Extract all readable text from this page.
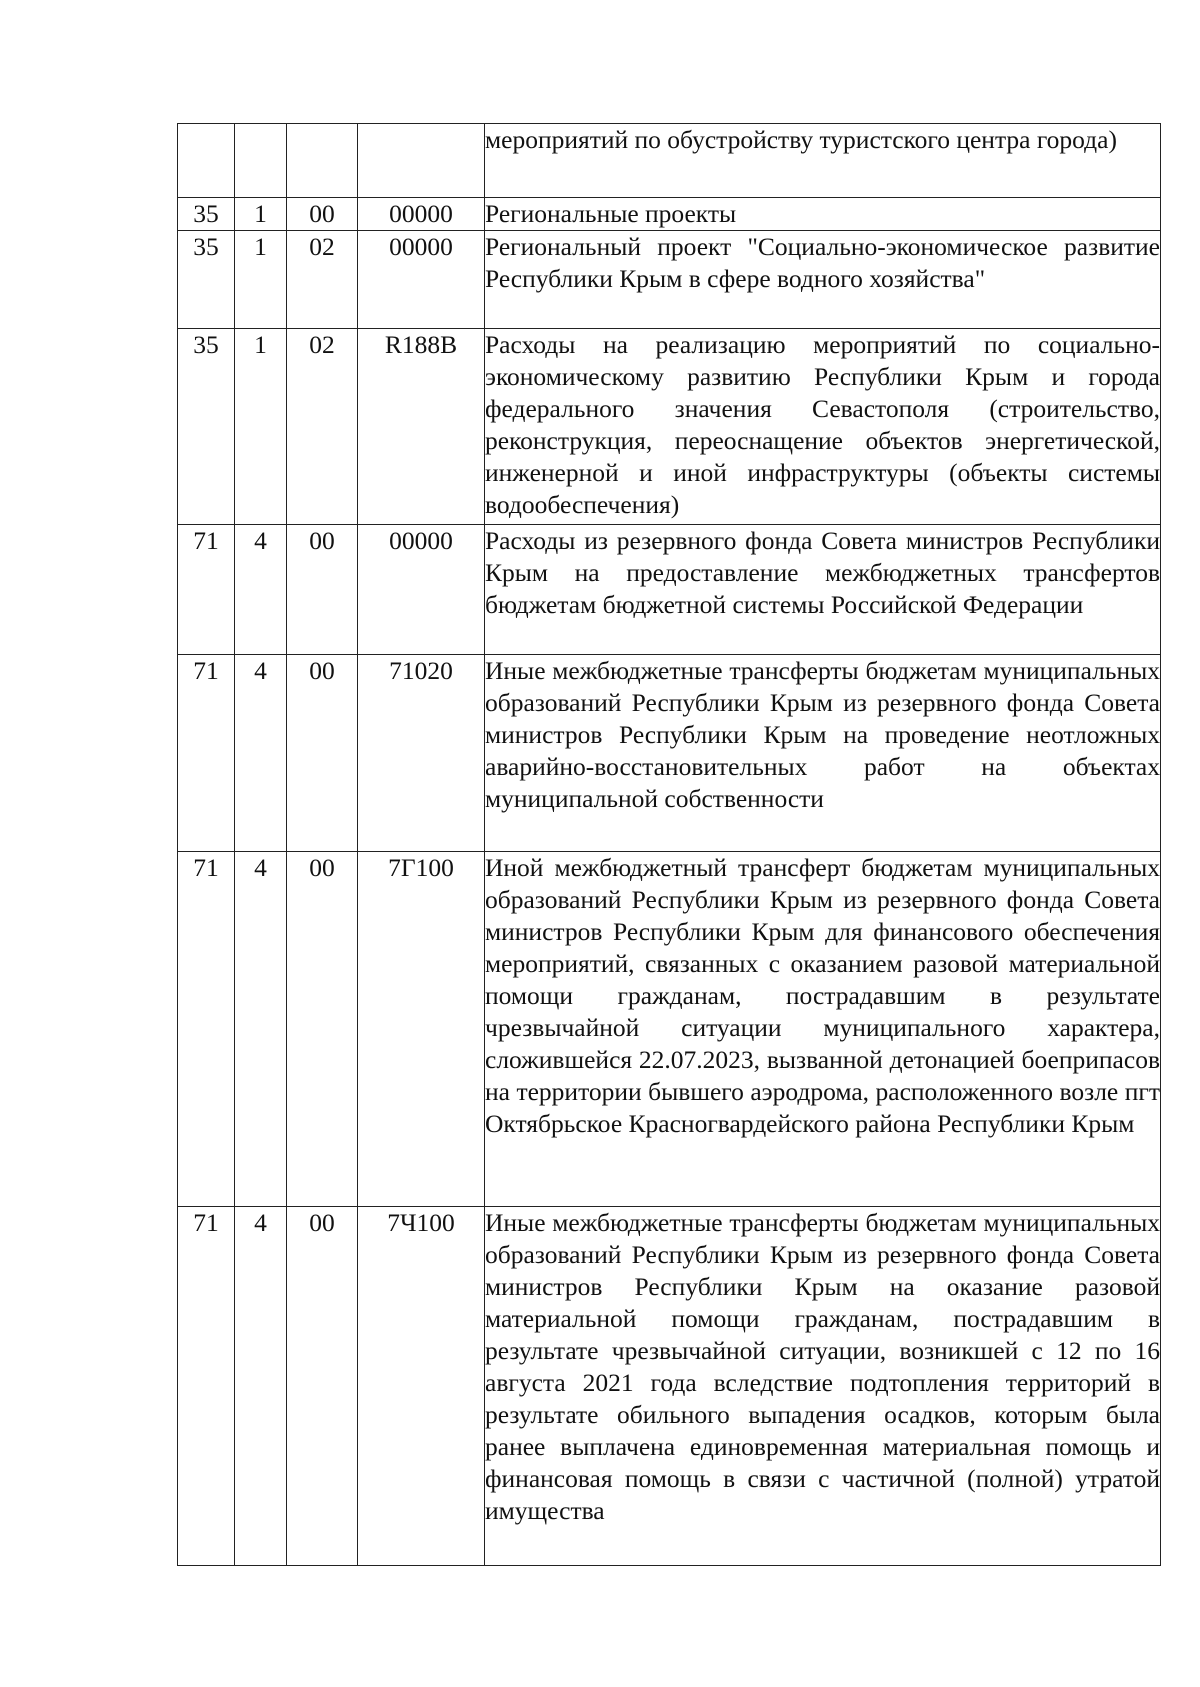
				мероприятий по обустройству туристского центра города)
35	1	00	00000	Региональные проекты
35	1	02	00000	Региональный проект "Социально-экономическое развитие Республики Крым в сфере водного хозяйства"
35	1	02	R188B	Расходы на реализацию мероприятий по социально-экономическому развитию Республики Крым и города федерального значения Севастополя (строительство, реконструкция, переоснащение объектов энергетической, инженерной и иной инфраструктуры (объекты системы водообеспечения)
71	4	00	00000	Расходы из резервного фонда Совета министров Республики Крым на предоставление межбюджетных трансфертов бюджетам бюджетной системы Российской Федерации
71	4	00	71020	Иные межбюджетные трансферты бюджетам муниципальных образований Республики Крым из резервного фонда Совета министров Республики Крым на проведение неотложных аварийно-восстановительных работ на объектах муниципальной собственности
71	4	00	7Г100	Иной межбюджетный трансферт бюджетам муниципальных образований Республики Крым из резервного фонда Совета министров Республики Крым для финансового обеспечения мероприятий, связанных с оказанием разовой материальной помощи гражданам, пострадавшим в результате чрезвычайной ситуации муниципального характера, сложившейся 22.07.2023, вызванной детонацией боеприпасов на территории бывшего аэродрома, расположенного возле пгт Октябрьское Красногвардейского района Республики Крым
71	4	00	7Ч100	Иные межбюджетные трансферты бюджетам муниципальных образований Республики Крым из резервного фонда Совета министров Республики Крым на оказание разовой материальной помощи гражданам, пострадавшим в результате чрезвычайной ситуации, возникшей с 12 по 16 августа 2021 года вследствие подтопления территорий в результате обильного выпадения осадков, которым была ранее выплачена единовременная материальная помощь и финансовая помощь в связи с частичной (полной) утратой имущества
